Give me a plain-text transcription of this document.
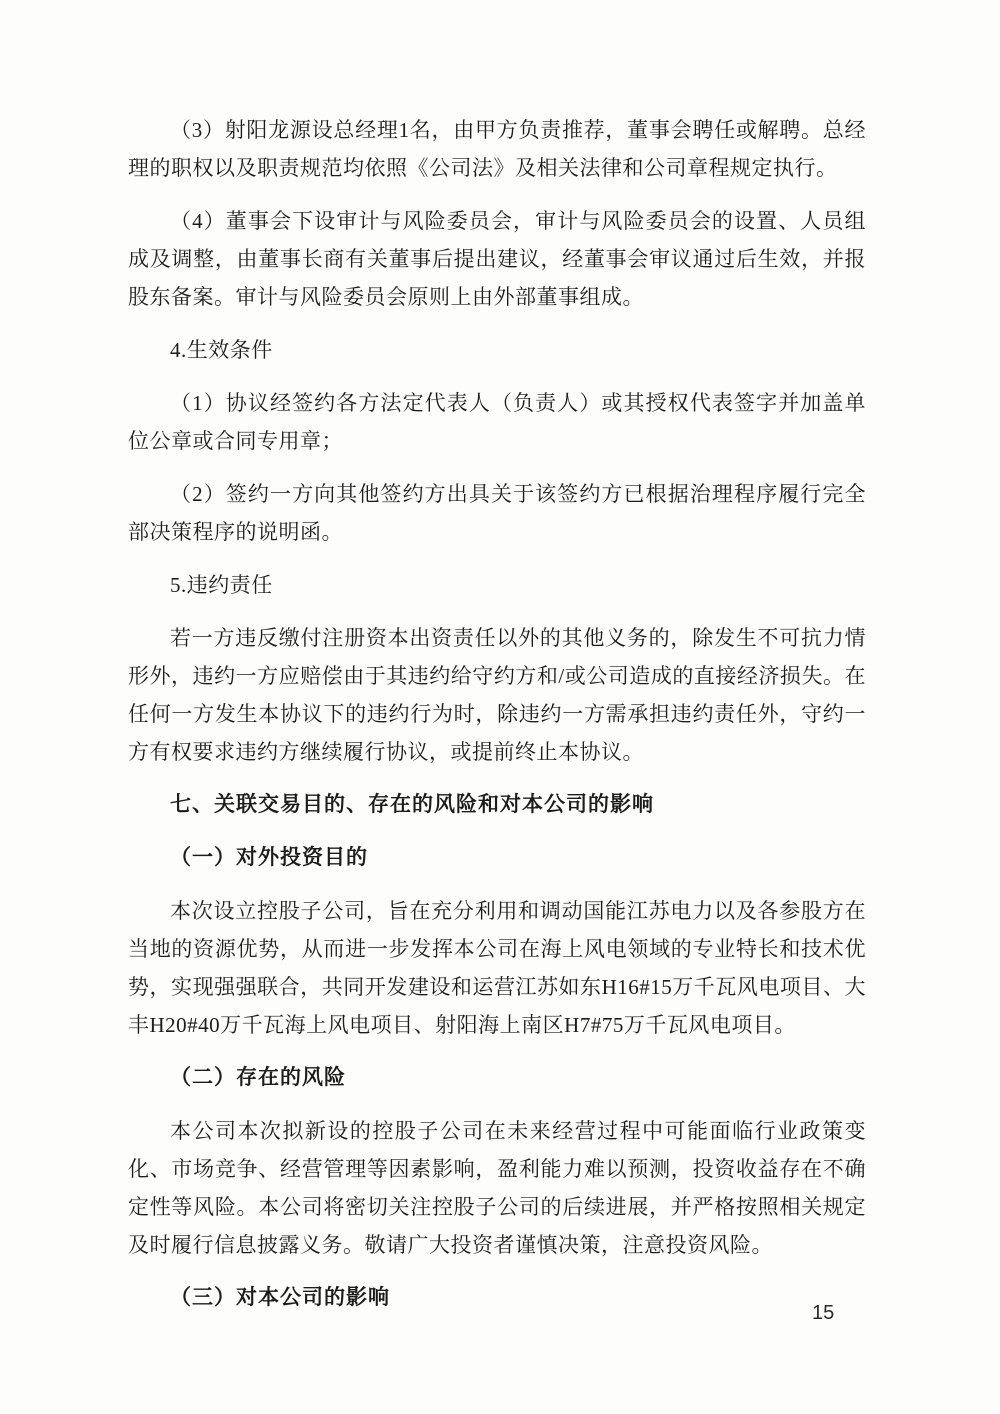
（3）射阳龙源设总经理1名，由甲方负责推荐，董事会聘任或解聘。总经理的职权以及职责规范均依照《公司法》及相关法律和公司章程规定执行。

（4）董事会下设审计与风险委员会，审计与风险委员会的设置、人员组成及调整，由董事长商有关董事后提出建议，经董事会审议通过后生效，并报股东备案。审计与风险委员会原则上由外部董事组成。

4.生效条件

（1）协议经签约各方法定代表人（负责人）或其授权代表签字并加盖单位公章或合同专用章；

（2）签约一方向其他签约方出具关于该签约方已根据治理程序履行完全部决策程序的说明函。

5.违约责任

若一方违反缴付注册资本出资责任以外的其他义务的，除发生不可抗力情形外，违约一方应赔偿由于其违约给守约方和/或公司造成的直接经济损失。在任何一方发生本协议下的违约行为时，除违约一方需承担违约责任外，守约一方有权要求违约方继续履行协议，或提前终止本协议。

七、关联交易目的、存在的风险和对本公司的影响

（一）对外投资目的

本次设立控股子公司，旨在充分利用和调动国能江苏电力以及各参股方在当地的资源优势，从而进一步发挥本公司在海上风电领域的专业特长和技术优势，实现强强联合，共同开发建设和运营江苏如东H16#15万千瓦风电项目、大丰H20#40万千瓦海上风电项目、射阳海上南区H7#75万千瓦风电项目。

（二）存在的风险

本公司本次拟新设的控股子公司在未来经营过程中可能面临行业政策变化、市场竞争、经营管理等因素影响，盈利能力难以预测，投资收益存在不确定性等风险。本公司将密切关注控股子公司的后续进展，并严格按照相关规定及时履行信息披露义务。敬请广大投资者谨慎决策，注意投资风险。

（三）对本公司的影响

15
